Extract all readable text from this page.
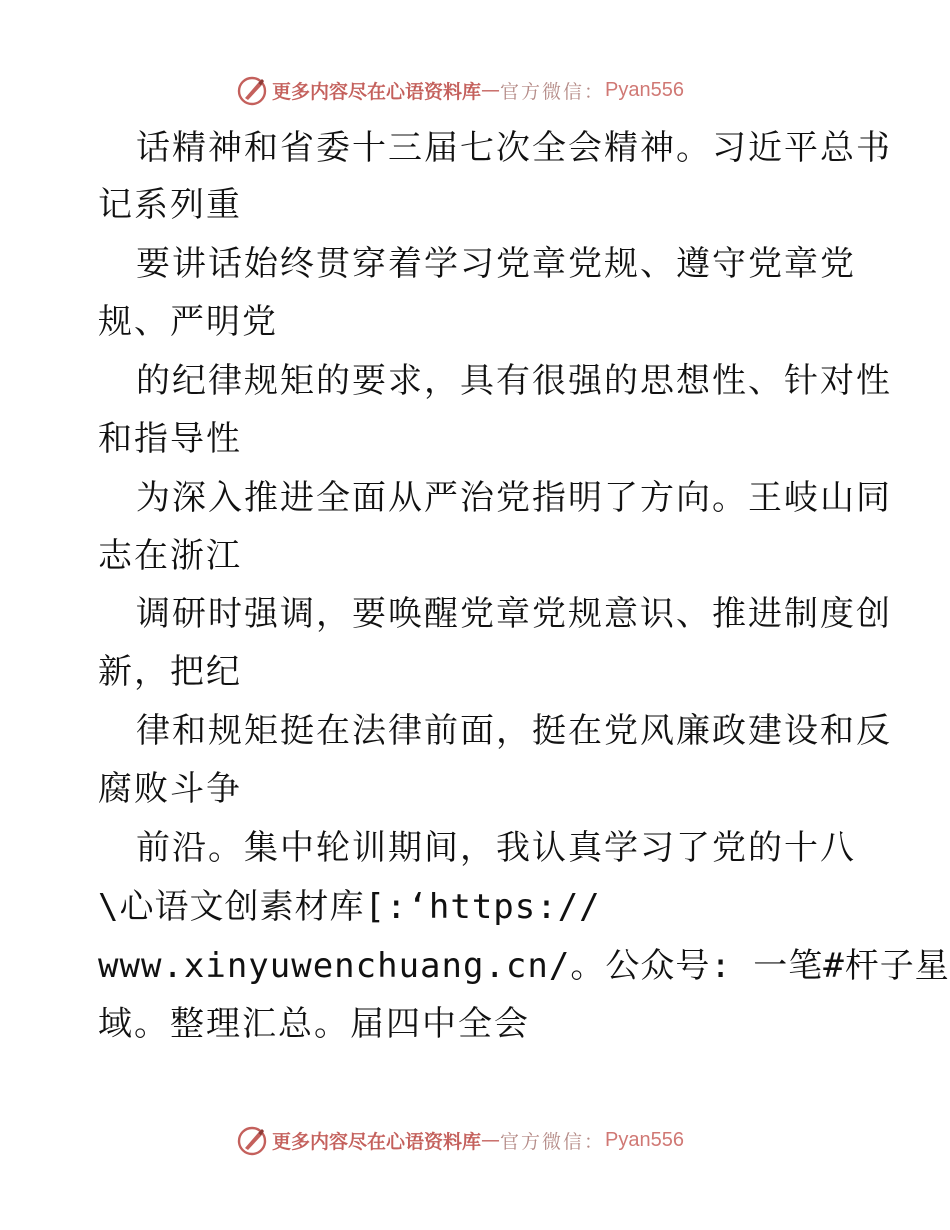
更多内容尽在心语资料库 — 官方微信： Pyan556
话精神和省委十三届七次全会精神。习近平总书
记系列重
要讲话始终贯穿着学习党章党规、遵守党章党
规、严明党
的纪律规矩的要求，具有很强的思想性、针对性
和指导性
为深入推进全面从严治党指明了方向。王岐山同
志在浙江
调研时强调，要唤醒党章党规意识、推进制度创
新，把纪
律和规矩挺在法律前面，挺在党风廉政建设和反
腐败斗争
前沿。集中轮训期间，我认真学习了党的十八
\心语文创素材库[:‘https://
www.xinyuwenchuang.cn/。公众号: 一笔#杆子星
域。整理汇总。届四中全会
更多内容尽在心语资料库 — 官方微信： Pyan556
